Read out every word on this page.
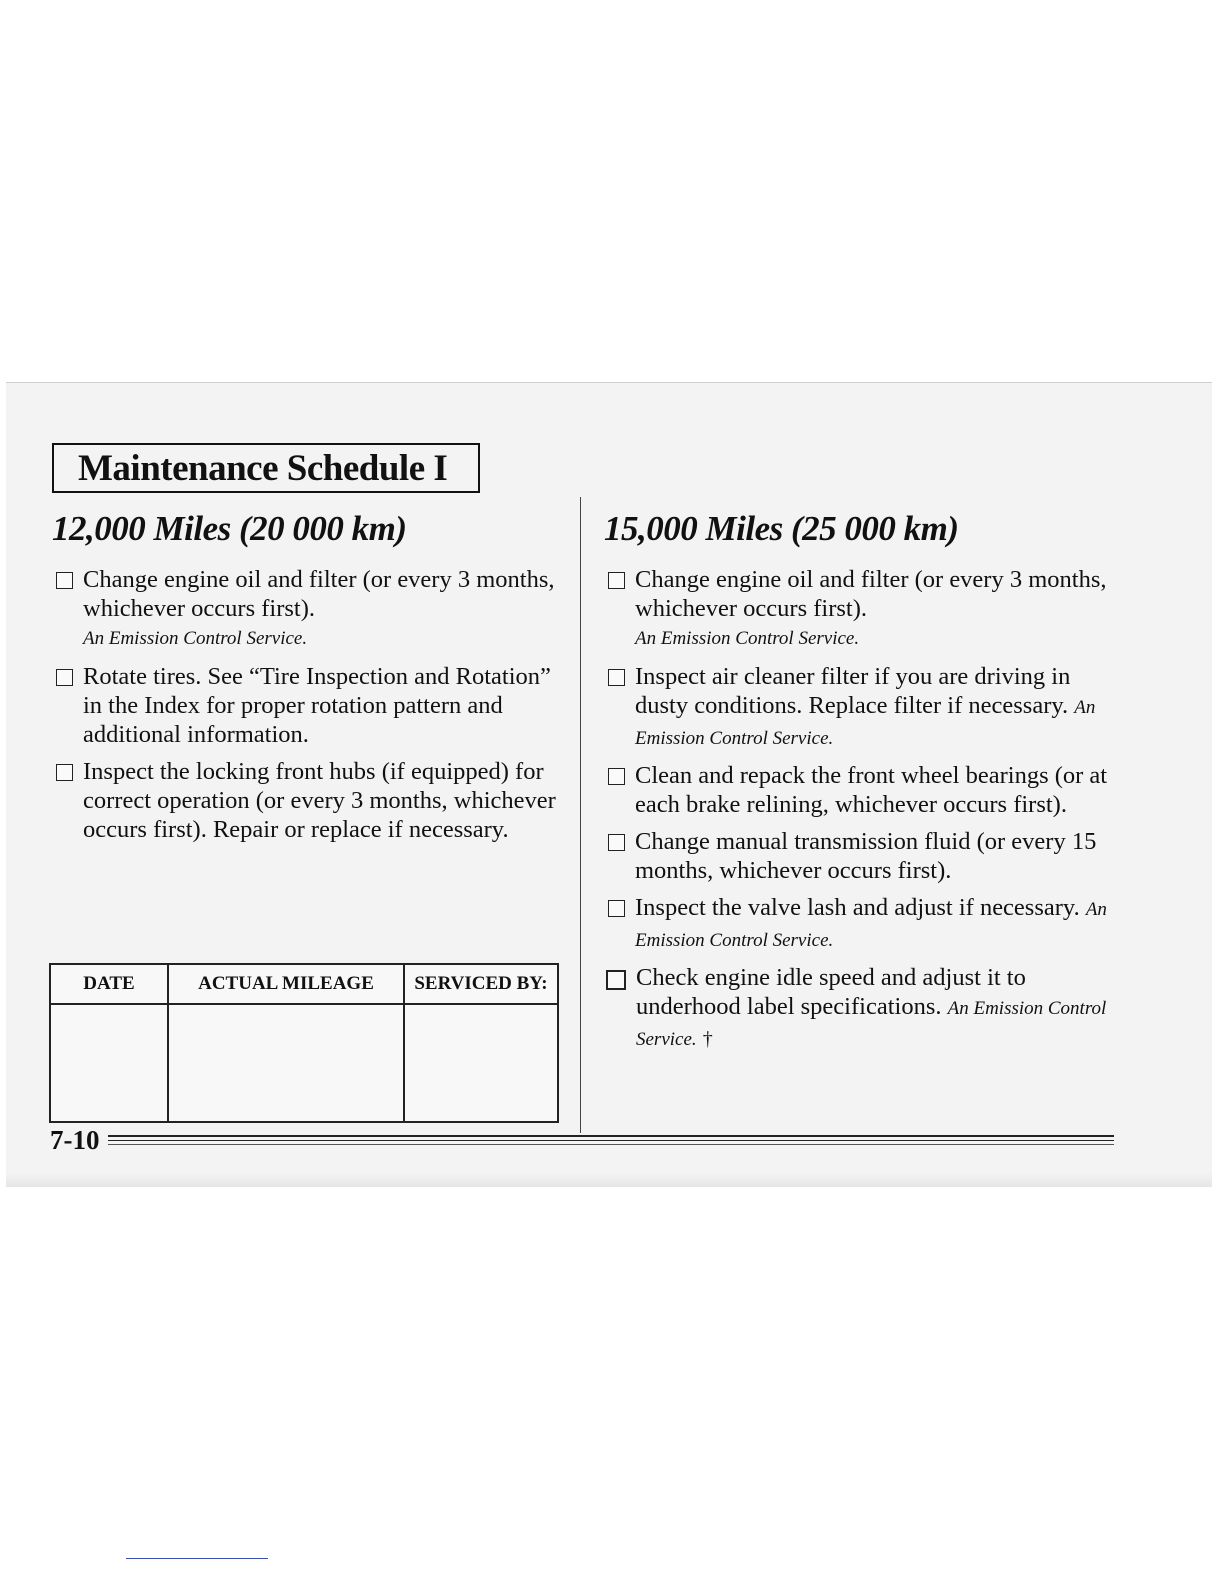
Maintenance Schedule I
12,000 Miles (20 000 km)
Change engine oil and filter (or every 3 months, whichever occurs first).
An Emission Control Service.
Rotate tires. See “Tire Inspection and Rotation” in the Index for proper rotation pattern and additional information.
Inspect the locking front hubs (if equipped) for correct operation (or every 3 months, whichever occurs first). Repair or replace if necessary.
DATE	ACTUAL MILEAGE	SERVICED BY:

15,000 Miles (25 000 km)
Change engine oil and filter (or every 3 months, whichever occurs first).
An Emission Control Service.
Inspect air cleaner filter if you are driving in dusty conditions. Replace filter if necessary. An Emission Control Service.
Clean and repack the front wheel bearings (or at each brake relining, whichever occurs first).
Change manual transmission fluid (or every 15 months, whichever occurs first).
Inspect the valve lash and adjust if necessary. An Emission Control Service.
Check engine idle speed and adjust it to underhood label specifications. An Emission Control Service. †
7-10
